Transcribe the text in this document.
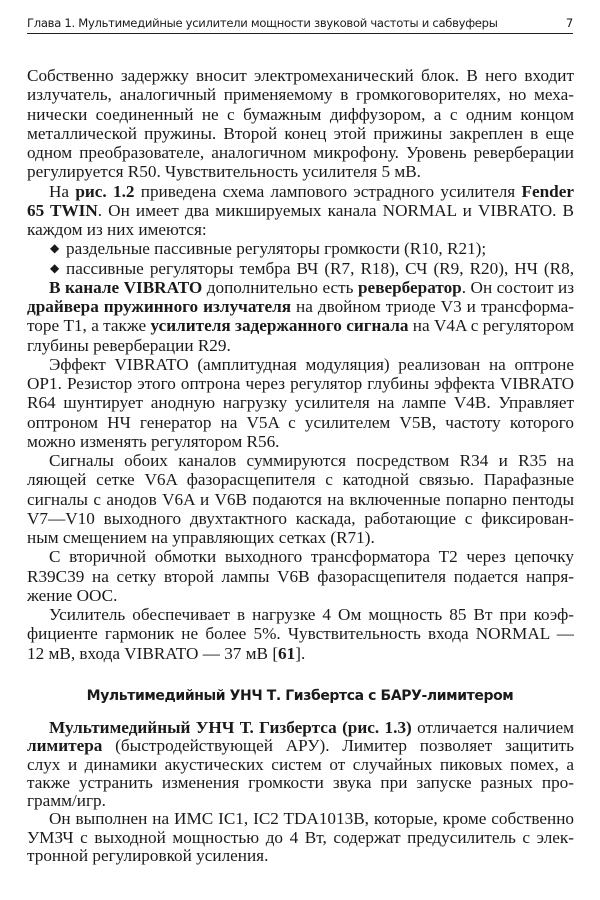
Глава 1. Мультимедийные усилители мощности звуковой частоты и сабвуферы	7
Собственно задержку вносит электромеханический блок. В него входит
излучатель, аналогичный применяемому в громкоговорителях, но меха-
нически соединенный не с бумажным диффузором, а с одним концом
металлической пружины. Второй конец этой прижины закреплен в еще
одном преобразователе, аналогичном микрофону. Уровень реверберации
регулируется R50. Чувствительность усилителя 5 мВ.
На рис. 1.2 приведена схема лампового эстрадного усилителя Fender
65 TWIN. Он имеет два микшируемых канала NORMAL и VIBRATO. В
каждом из них имеются:
◆ раздельные пассивные регуляторы громкости (R10, R21);
◆ пассивные регуляторы тембра ВЧ (R7, R18), СЧ (R9, R20), НЧ (R8,
В канале VIBRATO дополнительно есть ревербератор. Он состоит из
драйвера пружинного излучателя на двойном триоде V3 и трансформа-
торе T1, а также усилителя задержанного сигнала на V4A с регулятором
глубины реверберации R29.
Эффект VIBRATO (амплитудная модуляция) реализован на оптроне
OP1. Резистор этого оптрона через регулятор глубины эффекта VIBRATO
R64 шунтирует анодную нагрузку усилителя на лампе V4B. Управляет
оптроном НЧ генератор на V5A с усилителем V5B, частоту которого
можно изменять регулятором R56.
Сигналы обоих каналов суммируются посредством R34 и R35 на
ляющей сетке V6A фазорасщепителя с катодной связью. Парафазные
сигналы с анодов V6A и V6B подаются на включенные попарно пентоды
V7—V10 выходного двухтактного каскада, работающие с фиксирован-
ным смещением на управляющих сетках (R71).
С вторичной обмотки выходного трансформатора T2 через цепочку
R39C39 на сетку второй лампы V6B фазорасщепителя подается напря-
жение ООС.
Усилитель обеспечивает в нагрузке 4 Ом мощность 85 Вт при коэф-
фициенте гармоник не более 5%. Чувствительность входа NORMAL —
12 мВ, входа VIBRATO — 37 мВ [61].
Мультимедийный УНЧ Т. Гизбертса с БАРУ-лимитером
Мультимедийный УНЧ Т. Гизбертса (рис. 1.3) отличается наличием
лимитера (быстродействующей АРУ). Лимитер позволяет защитить
слух и динамики акустических систем от случайных пиковых помех, а
также устранить изменения громкости звука при запуске разных про-
грамм/игр.
Он выполнен на ИМС IC1, IC2 TDA1013B, которые, кроме собственно
УМЗЧ с выходной мощностью до 4 Вт, содержат предусилитель с элек-
тронной регулировкой усиления.
